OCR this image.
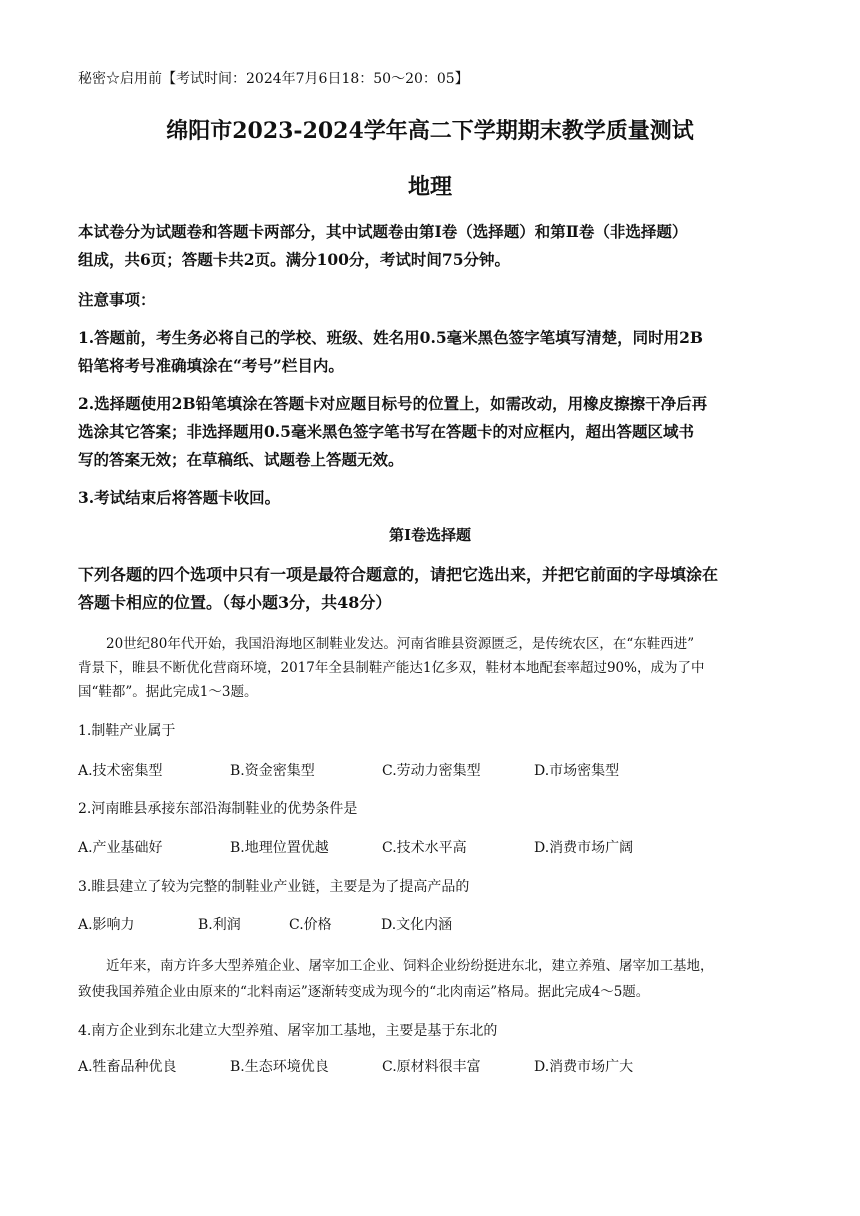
秘密☆启用前【考试时间：2024年7月6日18：50～20：05】
绵阳市2023-2024学年高二下学期期末教学质量测试
地理
本试卷分为试题卷和答题卡两部分，其中试题卷由第Ⅰ卷（选择题）和第Ⅱ卷（非选择题）
组成，共6页；答题卡共2页。满分100分，考试时间75分钟。
注意事项：
1.答题前，考生务必将自己的学校、班级、姓名用0.5毫米黑色签字笔填写清楚，同时用2B
铅笔将考号准确填涂在“考号”栏目内。
2.选择题使用2B铅笔填涂在答题卡对应题目标号的位置上，如需改动，用橡皮擦擦干净后再
选涂其它答案；非选择题用0.5毫米黑色签字笔书写在答题卡的对应框内，超出答题区域书
写的答案无效；在草稿纸、试题卷上答题无效。
3.考试结束后将答题卡收回。
第Ⅰ卷选择题
下列各题的四个选项中只有一项是最符合题意的，请把它选出来，并把它前面的字母填涂在
答题卡相应的位置。（每小题3分，共48分）
20世纪80年代开始，我国沿海地区制鞋业发达。河南省睢县资源匮乏，是传统农区，在“东鞋西进”
背景下，睢县不断优化营商环境，2017年全县制鞋产能达1亿多双，鞋材本地配套率超过90%，成为了中
国“鞋都”。据此完成1～3题。
1.制鞋产业属于
A.技术密集型	B.资金密集型	C.劳动力密集型	D.市场密集型
2.河南睢县承接东部沿海制鞋业的优势条件是
A.产业基础好	B.地理位置优越	C.技术水平高	D.消费市场广阔
3.睢县建立了较为完整的制鞋业产业链，主要是为了提高产品的
A.影响力	B.利润	C.价格	D.文化内涵
近年来，南方许多大型养殖企业、屠宰加工企业、饲料企业纷纷挺进东北，建立养殖、屠宰加工基地，
致使我国养殖企业由原来的“北料南运”逐渐转变成为现今的“北肉南运”格局。据此完成4～5题。
4.南方企业到东北建立大型养殖、屠宰加工基地，主要是基于东北的
A.牲畜品种优良	B.生态环境优良	C.原材料很丰富	D.消费市场广大
